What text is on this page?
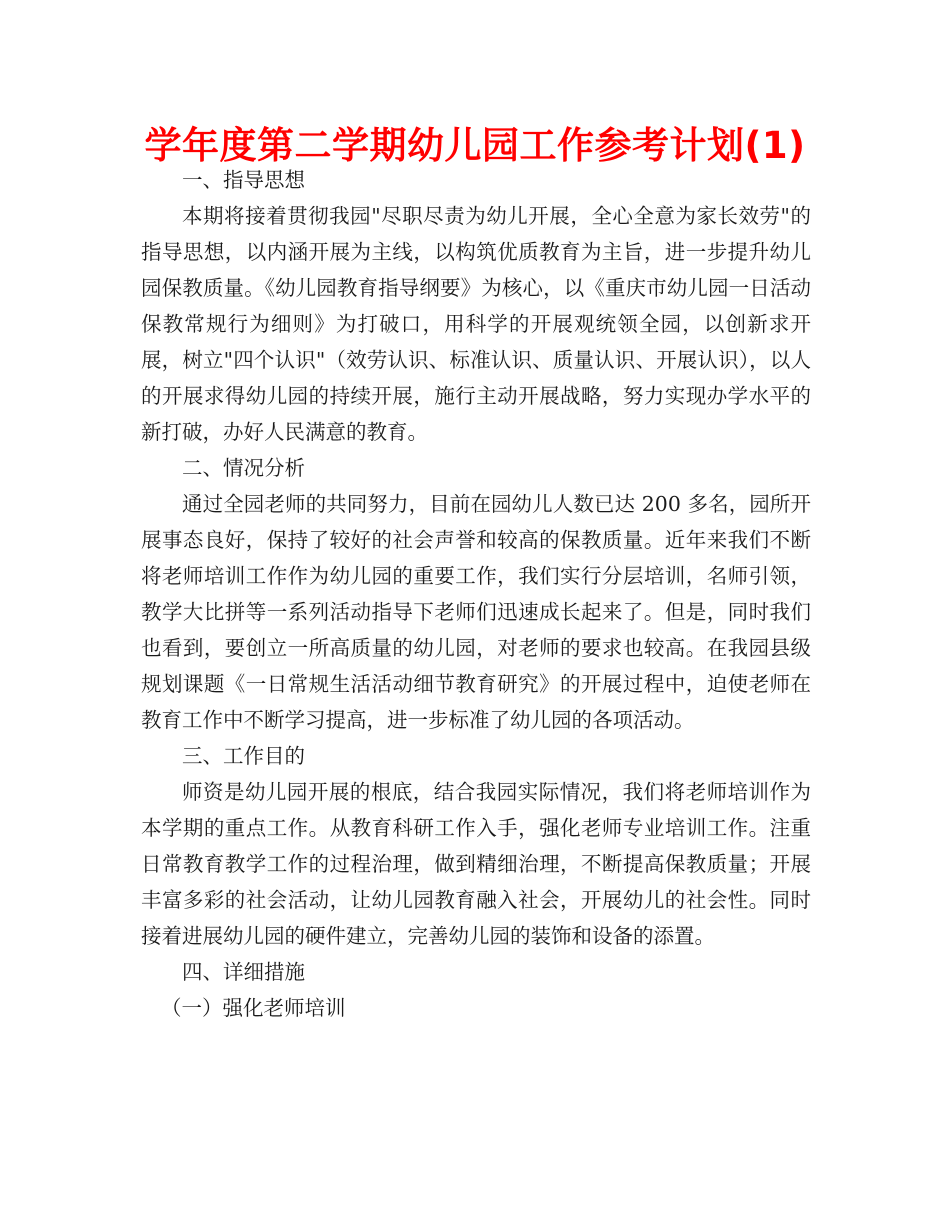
学年度第二学期幼儿园工作参考计划(1)

一、指导思想

本期将接着贯彻我园"尽职尽责为幼儿开展，全心全意为家长效劳"的指导思想，以内涵开展为主线，以构筑优质教育为主旨，进一步提升幼儿园保教质量。《幼儿园教育指导纲要》为核心，以《重庆市幼儿园一日活动保教常规行为细则》为打破口，用科学的开展观统领全园，以创新求开展，树立"四个认识"（效劳认识、标准认识、质量认识、开展认识），以人的开展求得幼儿园的持续开展，施行主动开展战略，努力实现办学水平的新打破，办好人民满意的教育。

二、情况分析

通过全园老师的共同努力，目前在园幼儿人数已达 200 多名，园所开展事态良好，保持了较好的社会声誉和较高的保教质量。近年来我们不断将老师培训工作作为幼儿园的重要工作，我们实行分层培训，名师引领，教学大比拼等一系列活动指导下老师们迅速成长起来了。但是，同时我们也看到，要创立一所高质量的幼儿园，对老师的要求也较高。在我园县级规划课题《一日常规生活活动细节教育研究》的开展过程中，迫使老师在教育工作中不断学习提高，进一步标准了幼儿园的各项活动。

三、工作目的

师资是幼儿园开展的根底，结合我园实际情况，我们将老师培训作为本学期的重点工作。从教育科研工作入手，强化老师专业培训工作。注重日常教育教学工作的过程治理，做到精细治理，不断提高保教质量；开展丰富多彩的社会活动，让幼儿园教育融入社会，开展幼儿的社会性。同时接着进展幼儿园的硬件建立，完善幼儿园的装饰和设备的添置。

四、详细措施

（一）强化老师培训
